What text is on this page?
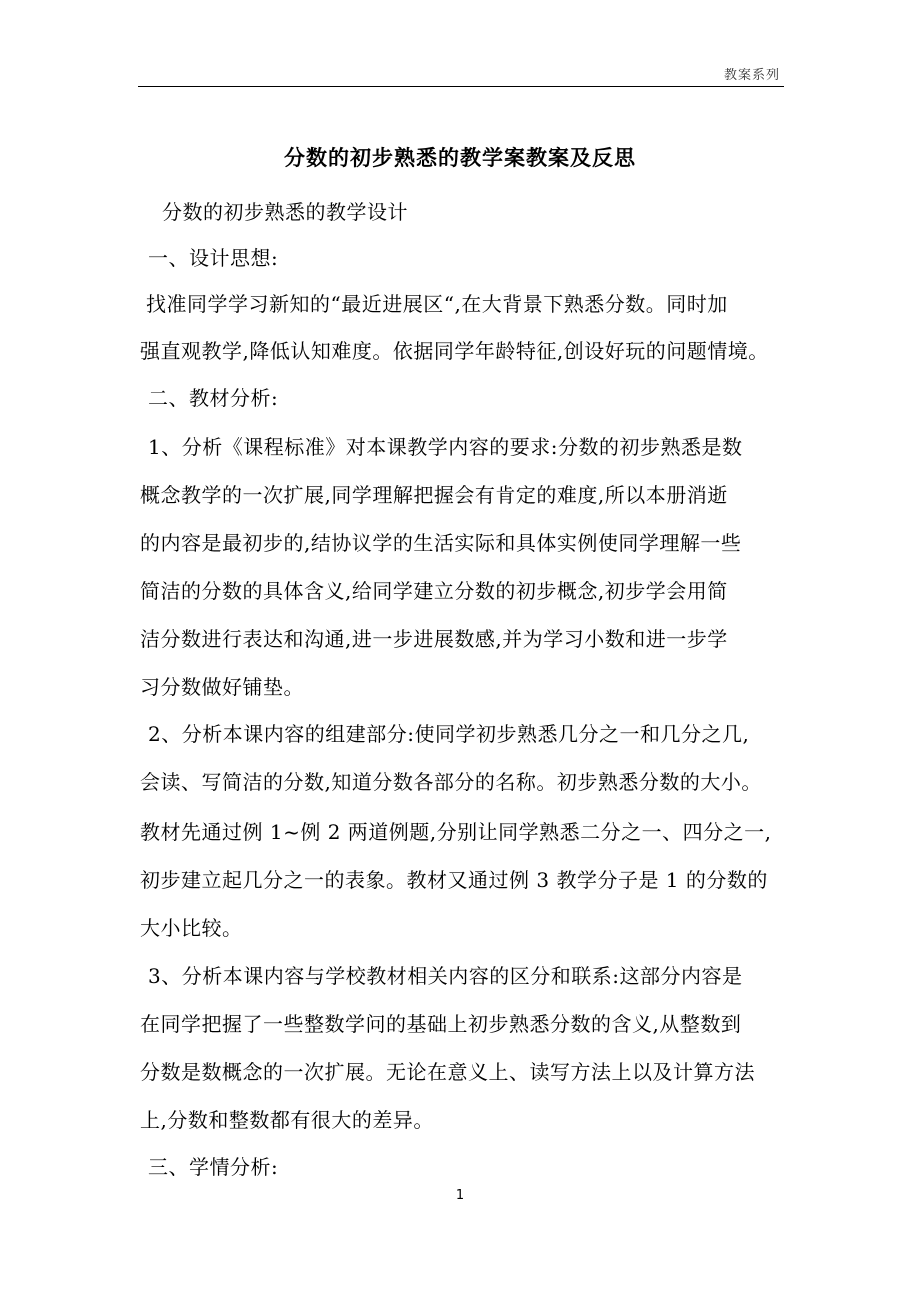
教案系列
分数的初步熟悉的教学案教案及反思
分数的初步熟悉的教学设计
一、设计思想:
找准同学学习新知的“最近进展区“,在大背景下熟悉分数。同时加
强直观教学,降低认知难度。依据同学年龄特征,创设好玩的问题情境。
二、教材分析:
1、分析《课程标准》对本课教学内容的要求:分数的初步熟悉是数
概念教学的一次扩展,同学理解把握会有肯定的难度,所以本册消逝
的内容是最初步的,结协议学的生活实际和具体实例使同学理解一些
简洁的分数的具体含义,给同学建立分数的初步概念,初步学会用简
洁分数进行表达和沟通,进一步进展数感,并为学习小数和进一步学
习分数做好铺垫。
2、分析本课内容的组建部分:使同学初步熟悉几分之一和几分之几,
会读、写简洁的分数,知道分数各部分的名称。初步熟悉分数的大小。
教材先通过例 1~例 2 两道例题,分别让同学熟悉二分之一、四分之一,
初步建立起几分之一的表象。教材又通过例 3 教学分子是 1 的分数的
大小比较。
3、分析本课内容与学校教材相关内容的区分和联系:这部分内容是
在同学把握了一些整数学问的基础上初步熟悉分数的含义,从整数到
分数是数概念的一次扩展。无论在意义上、读写方法上以及计算方法
上,分数和整数都有很大的差异。
三、学情分析:
1
